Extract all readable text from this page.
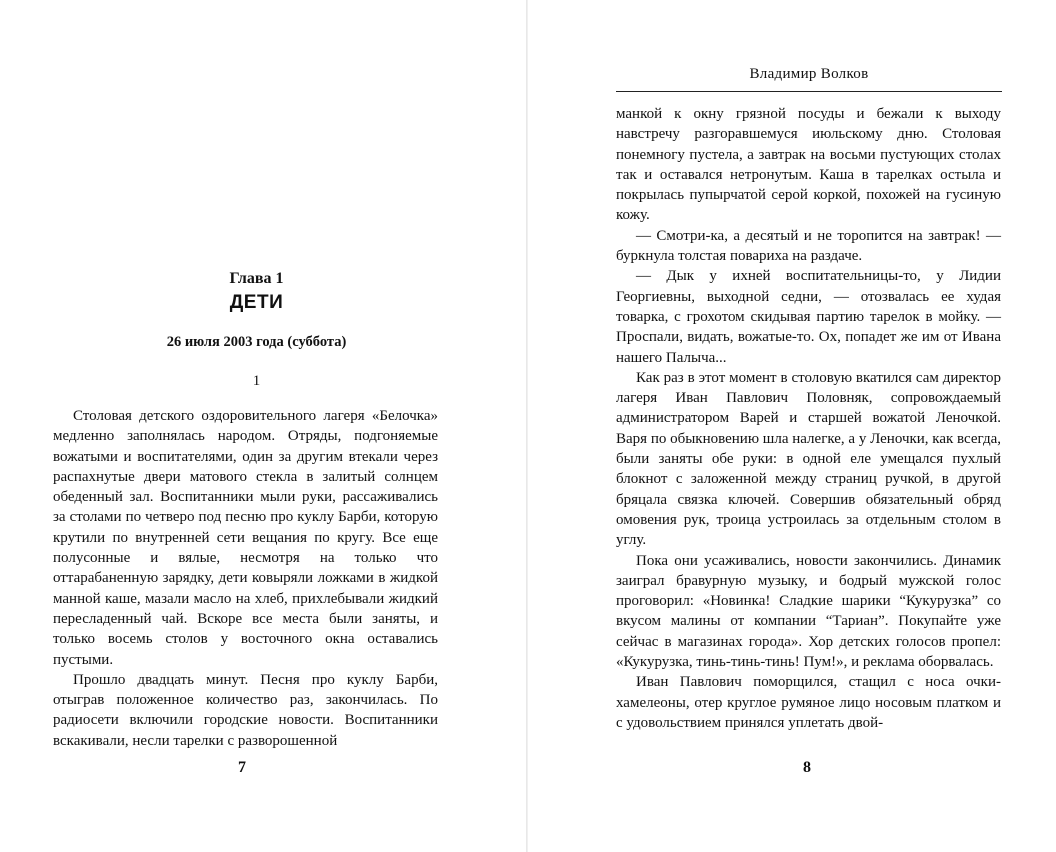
Глава 1
ДЕТИ
26 июля 2003 года (суббота)
1

Столовая детского оздоровительного лагеря «Белочка» медленно заполнялась народом. Отряды, подгоняемые вожатыми и воспитателями, один за другим втекали через распахнутые двери матового стекла в залитый солнцем обеденный зал. Воспитанники мыли руки, рассаживались за столами по четверо под песню про куклу Барби, которую крутили по внутренней сети вещания по кругу. Все еще полусонные и вялые, несмотря на только что оттарабаненную зарядку, дети ковыряли ложками в жидкой манной каше, мазали масло на хлеб, прихлебывали жидкий пересладенный чай. Вскоре все места были заняты, и только восемь столов у восточного окна оставались пустыми.

Прошло двадцать минут. Песня про куклу Барби, отыграв положенное количество раз, закончилась. По радиосети включили городские новости. Воспитанники вскакивали, несли тарелки с разворошенной

7
Владимир Волков

манкой к окну грязной посуды и бежали к выходу навстречу разгоравшемуся июльскому дню. Столовая понемногу пустела, а завтрак на восьми пустующих столах так и оставался нетронутым. Каша в тарелках остыла и покрылась пупырчатой серой коркой, похожей на гусиную кожу.

— Смотри-ка, а десятый и не торопится на завтрак! — буркнула толстая повариха на раздаче.

— Дык у ихней воспитательницы-то, у Лидии Георгиевны, выходной седни, — отозвалась ее худая товарка, с грохотом скидывая партию тарелок в мойку. — Проспали, видать, вожатые-то. Ох, попадет же им от Ивана нашего Палыча...

Как раз в этот момент в столовую вкатился сам директор лагеря Иван Павлович Половняк, сопровождаемый администратором Варей и старшей вожатой Леночкой. Варя по обыкновению шла налегке, а у Леночки, как всегда, были заняты обе руки: в одной еле умещался пухлый блокнот с заложенной между страниц ручкой, в другой бряцала связка ключей. Совершив обязательный обряд омовения рук, троица устроилась за отдельным столом в углу.

Пока они усаживались, новости закончились. Динамик заиграл бравурную музыку, и бодрый мужской голос проговорил: «Новинка! Сладкие шарики “Кукурузка” со вкусом малины от компании “Тариан”. Покупайте уже сейчас в магазинах города». Хор детских голосов пропел: «Кукурузка, тинь-тинь-тинь! Пум!», и реклама оборвалась.

Иван Павлович поморщился, стащил с носа очки-хамелеоны, отер круглое румяное лицо носовым платком и с удовольствием принялся уплетать двой-

8
